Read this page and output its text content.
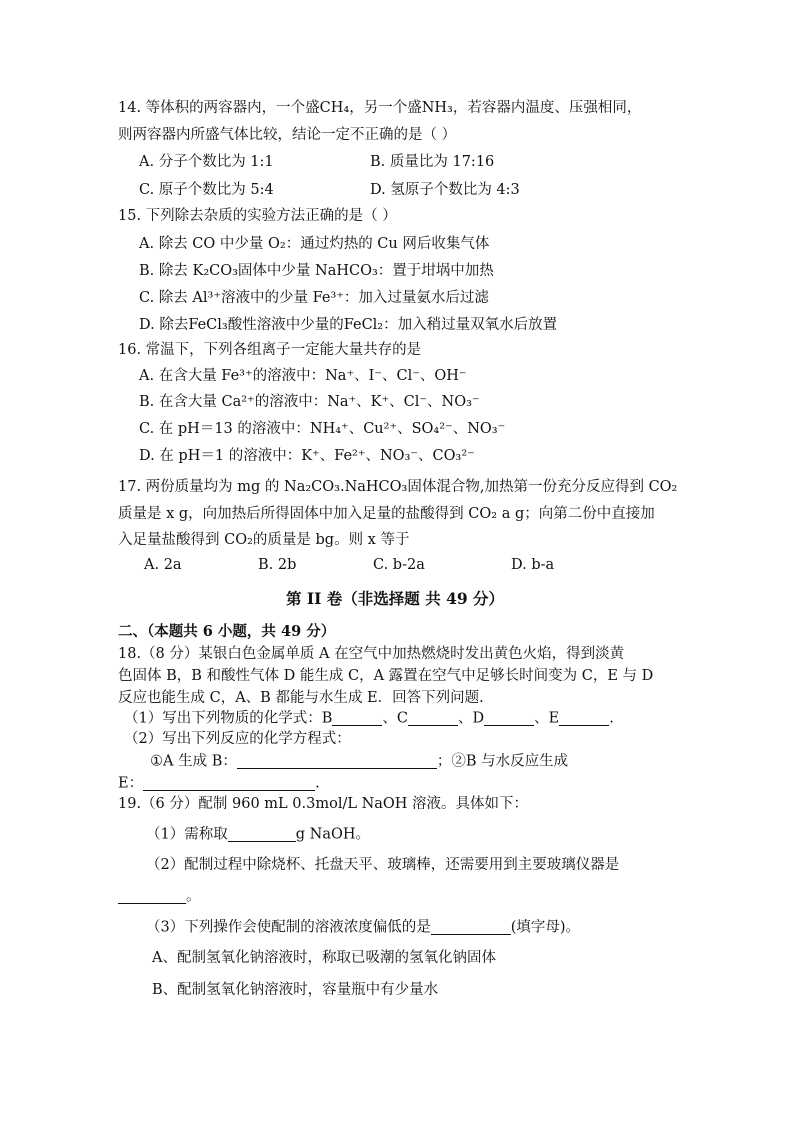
14. 等体积的两容器内，一个盛CH₄，另一个盛NH₃，若容器内温度、压强相同，
则两容器内所盛气体比较，结论一定不正确的是（ ）
A. 分子个数比为 1:1	B. 质量比为 17:16
C. 原子个数比为 5:4	D. 氢原子个数比为 4:3
15. 下列除去杂质的实验方法正确的是（ ）
A. 除去 CO 中少量 O₂：通过灼热的 Cu 网后收集气体
B. 除去 K₂CO₃固体中少量 NaHCO₃：置于坩埚中加热
C. 除去 Al³⁺溶液中的少量 Fe³⁺：加入过量氨水后过滤
D. 除去FeCl₃酸性溶液中少量的FeCl₂：加入稍过量双氧水后放置
16. 常温下，下列各组离子一定能大量共存的是
A. 在含大量 Fe³⁺的溶液中：Na⁺、I⁻、Cl⁻、OH⁻
B. 在含大量 Ca²⁺的溶液中：Na⁺、K⁺、Cl⁻、NO₃⁻
C. 在 pH＝13 的溶液中：NH₄⁺、Cu²⁺、SO₄²⁻、NO₃⁻
D. 在 pH＝1 的溶液中：K⁺、Fe²⁺、NO₃⁻、CO₃²⁻
17. 两份质量均为 mg 的 Na₂CO₃.NaHCO₃固体混合物,加热第一份充分反应得到 CO₂
质量是 x g，向加热后所得固体中加入足量的盐酸得到 CO₂ a g；向第二份中直接加
入足量盐酸得到 CO₂的质量是 bg。则 x 等于
A. 2a	B. 2b	C. b-2a	D. b-a
第 II 卷（非选择题 共 49 分）
二、（本题共 6 小题，共 49 分）
18.（8 分）某银白色金属单质 A 在空气中加热燃烧时发出黄色火焰，得到淡黄
色固体 B，B 和酸性气体 D 能生成 C，A 露置在空气中足够长时间变为 C，E 与 D
反应也能生成 C，A、B 都能与水生成 E．回答下列问题.
（1）写出下列物质的化学式：B	、C	、D	、E	.
（2）写出下列反应的化学方程式：
①A 生成 B：	；②B 与水反应生成
E：	.
19.（6 分）配制 960 mL 0.3mol/L NaOH 溶液。具体如下：
（1）需称取	g NaOH。
（2）配制过程中除烧杯、托盘天平、玻璃棒，还需要用到主要玻璃仪器是
。
（3）下列操作会使配制的溶液浓度偏低的是	(填字母)。
A、配制氢氧化钠溶液时，称取已吸潮的氢氧化钠固体
B、配制氢氧化钠溶液时，容量瓶中有少量水
